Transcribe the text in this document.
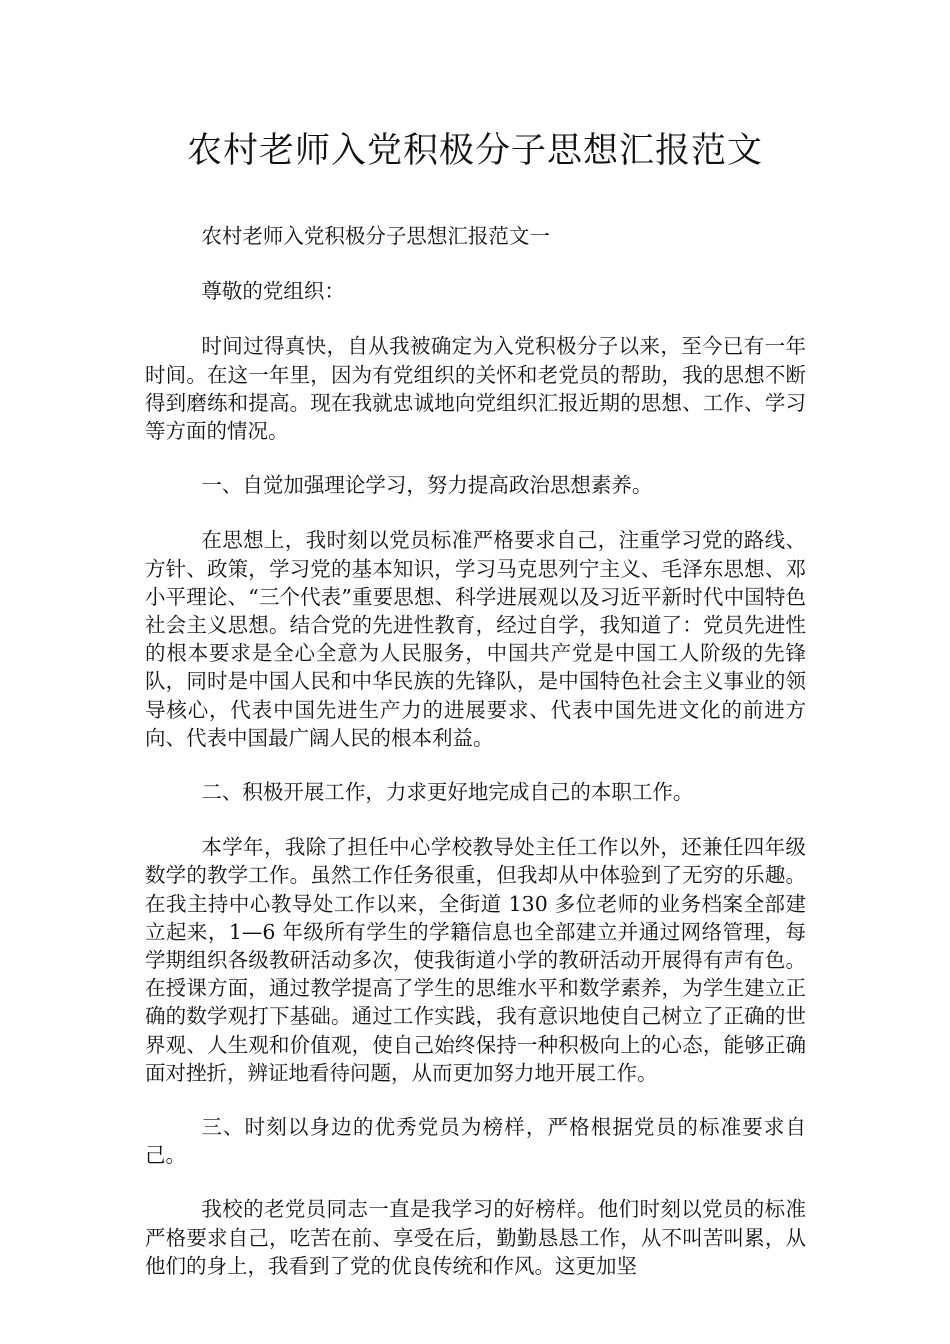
农村老师入党积极分子思想汇报范文

农村老师入党积极分子思想汇报范文一

尊敬的党组织：

时间过得真快，自从我被确定为入党积极分子以来，至今已有一年时间。在这一年里，因为有党组织的关怀和老党员的帮助，我的思想不断得到磨练和提高。现在我就忠诚地向党组织汇报近期的思想、工作、学习等方面的情况。

一、自觉加强理论学习，努力提高政治思想素养。

在思想上，我时刻以党员标准严格要求自己，注重学习党的路线、方针、政策，学习党的基本知识，学习马克思列宁主义、毛泽东思想、邓小平理论、“三个代表”重要思想、科学进展观以及习近平新时代中国特色社会主义思想。结合党的先进性教育，经过自学，我知道了：党员先进性的根本要求是全心全意为人民服务，中国共产党是中国工人阶级的先锋队，同时是中国人民和中华民族的先锋队，是中国特色社会主义事业的领导核心，代表中国先进生产力的进展要求、代表中国先进文化的前进方向、代表中国最广阔人民的根本利益。

二、积极开展工作，力求更好地完成自己的本职工作。

本学年，我除了担任中心学校教导处主任工作以外，还兼任四年级数学的教学工作。虽然工作任务很重，但我却从中体验到了无穷的乐趣。在我主持中心教导处工作以来，全街道 130 多位老师的业务档案全部建立起来，1—6 年级所有学生的学籍信息也全部建立并通过网络管理，每学期组织各级教研活动多次，使我街道小学的教研活动开展得有声有色。在授课方面，通过教学提高了学生的思维水平和数学素养，为学生建立正确的数学观打下基础。通过工作实践，我有意识地使自己树立了正确的世界观、人生观和价值观，使自己始终保持一种积极向上的心态，能够正确面对挫折，辨证地看待问题，从而更加努力地开展工作。

三、时刻以身边的优秀党员为榜样，严格根据党员的标准要求自己。

我校的老党员同志一直是我学习的好榜样。他们时刻以党员的标准严格要求自己，吃苦在前、享受在后，勤勤恳恳工作，从不叫苦叫累，从他们的身上，我看到了党的优良传统和作风。这更加坚
